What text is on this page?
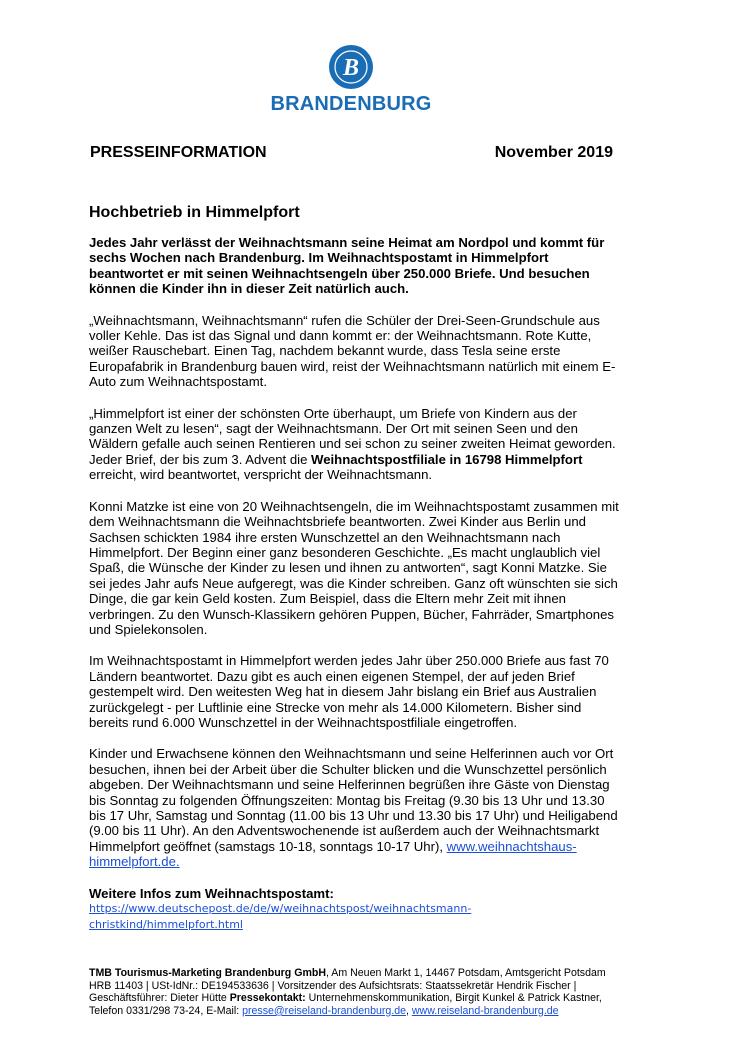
B
BRANDENBURG
PRESSEINFORMATION	November 2019
Hochbetrieb in Himmelpfort

Jedes Jahr verlässt der Weihnachtsmann seine Heimat am Nordpol und kommt für sechs Wochen nach Brandenburg. Im Weihnachtspostamt in Himmelpfort beantwortet er mit seinen Weihnachtsengeln über 250.000 Briefe. Und besuchen können die Kinder ihn in dieser Zeit natürlich auch.

„Weihnachtsmann, Weihnachtsmann“ rufen die Schüler der Drei-Seen-Grundschule aus voller Kehle. Das ist das Signal und dann kommt er: der Weihnachtsmann. Rote Kutte, weißer Rauschebart. Einen Tag, nachdem bekannt wurde, dass Tesla seine erste Europafabrik in Brandenburg bauen wird, reist der Weihnachtsmann natürlich mit einem E-Auto zum Weihnachtspostamt.

„Himmelpfort ist einer der schönsten Orte überhaupt, um Briefe von Kindern aus der ganzen Welt zu lesen“, sagt der Weihnachtsmann. Der Ort mit seinen Seen und den Wäldern gefalle auch seinen Rentieren und sei schon zu seiner zweiten Heimat geworden. Jeder Brief, der bis zum 3. Advent die Weihnachtspostfiliale in 16798 Himmelpfort erreicht, wird beantwortet, verspricht der Weihnachtsmann.

Konni Matzke ist eine von 20 Weihnachtsengeln, die im Weihnachtspostamt zusammen mit dem Weihnachtsmann die Weihnachtsbriefe beantworten. Zwei Kinder aus Berlin und Sachsen schickten 1984 ihre ersten Wunschzettel an den Weihnachtsmann nach Himmelpfort. Der Beginn einer ganz besonderen Geschichte. „Es macht unglaublich viel Spaß, die Wünsche der Kinder zu lesen und ihnen zu antworten“, sagt Konni Matzke. Sie sei jedes Jahr aufs Neue aufgeregt, was die Kinder schreiben. Ganz oft wünschten sie sich Dinge, die gar kein Geld kosten. Zum Beispiel, dass die Eltern mehr Zeit mit ihnen verbringen. Zu den Wunsch-Klassikern gehören Puppen, Bücher, Fahrräder, Smartphones und Spielekonsolen.

Im Weihnachtspostamt in Himmelpfort werden jedes Jahr über 250.000 Briefe aus fast 70 Ländern beantwortet. Dazu gibt es auch einen eigenen Stempel, der auf jeden Brief gestempelt wird. Den weitesten Weg hat in diesem Jahr bislang ein Brief aus Australien zurückgelegt - per Luftlinie eine Strecke von mehr als 14.000 Kilometern. Bisher sind bereits rund 6.000 Wunschzettel in der Weihnachtspostfiliale eingetroffen.

Kinder und Erwachsene können den Weihnachtsmann und seine Helferinnen auch vor Ort besuchen, ihnen bei der Arbeit über die Schulter blicken und die Wunschzettel persönlich abgeben. Der Weihnachtsmann und seine Helferinnen begrüßen ihre Gäste von Dienstag bis Sonntag zu folgenden Öffnungszeiten: Montag bis Freitag (9.30 bis 13 Uhr und 13.30 bis 17 Uhr, Samstag und Sonntag (11.00 bis 13 Uhr und 13.30 bis 17 Uhr) und Heiligabend (9.00 bis 11 Uhr). An den Adventswochenende ist außerdem auch der Weihnachtsmarkt Himmelpfort geöffnet (samstags 10-18, sonntags 10-17 Uhr), www.weihnachtshaus-himmelpfort.de.

Weitere Infos zum Weihnachtspostamt:
https://www.deutschepost.de/de/w/weihnachtspost/weihnachtsmann-christkind/himmelpfort.html
TMB Tourismus-Marketing Brandenburg GmbH, Am Neuen Markt 1, 14467 Potsdam, Amtsgericht Potsdam HRB 11403 | USt-IdNr.: DE194533636 | Vorsitzender des Aufsichtsrats: Staatssekretär Hendrik Fischer | Geschäftsführer: Dieter Hütte Pressekontakt: Unternehmenskommunikation, Birgit Kunkel & Patrick Kastner, Telefon 0331/298 73-24, E-Mail: presse@reiseland-brandenburg.de, www.reiseland-brandenburg.de
